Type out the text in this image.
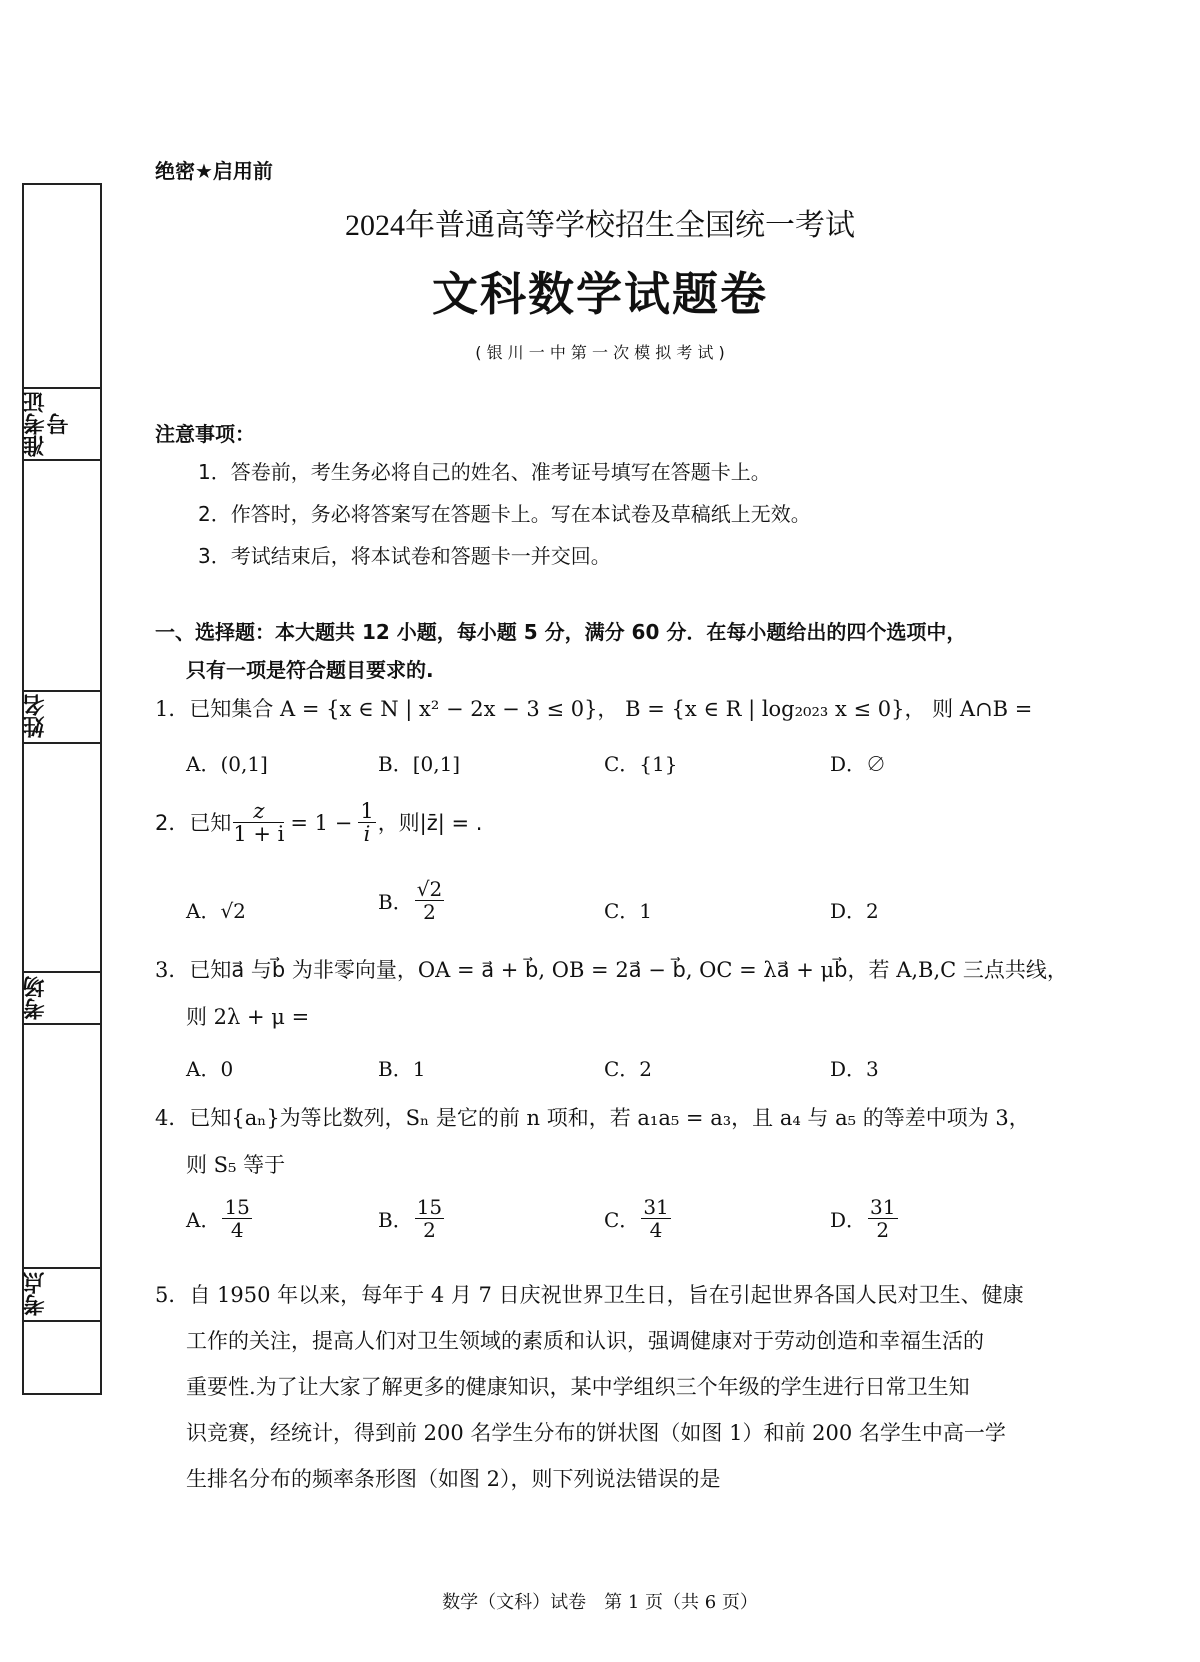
准考证号
姓名
考场
考点
绝密★启用前
2024年普通高等学校招生全国统一考试
文科数学试题卷
( 银 川 一 中 第 一 次 模 拟 考 试 )
注意事项：
1．答卷前，考生务必将自己的姓名、准考证号填写在答题卡上。
2．作答时，务必将答案写在答题卡上。写在本试卷及草稿纸上无效。
3．考试结束后，将本试卷和答题卡一并交回。
一、选择题：本大题共 12 小题，每小题 5 分，满分 60 分．在每小题给出的四个选项中，
只有一项是符合题目要求的.
1．已知集合 A = {x ∈ N | x² − 2x − 3 ≤ 0}， B = {x ∈ R | log₂₀₂₃ x ≤ 0}， 则 A∩B =
A．(0,1]	B．[0,1]	C．{1}	D．∅
2．已知 $\frac{z}{1 + i} = 1 - \frac{1}{i}$ ，则|z̄| = .
A．√2	B． $\frac{√2}{2}$	C．1	D．2
3．已知a⃗ 与b⃗ 为非零向量，OA = a⃗ + b⃗, OB = 2a⃗ − b⃗, OC = λa⃗ + μb⃗，若 A,B,C 三点共线，
则 2λ + μ =
A．0	B．1	C．2	D．3
4．已知{aₙ}为等比数列，Sₙ 是它的前 n 项和，若 a₁a₅ = a₃，且 a₄ 与 a₅ 的等差中项为 3，
则 S₅ 等于
A． $\frac{15}{4}$	B． $\frac{15}{2}$	C． $\frac{31}{4}$	D． $\frac{31}{2}$
5．自 1950 年以来，每年于 4 月 7 日庆祝世界卫生日，旨在引起世界各国人民对卫生、健康
工作的关注，提高人们对卫生领域的素质和认识，强调健康对于劳动创造和幸福生活的
重要性.为了让大家了解更多的健康知识，某中学组织三个年级的学生进行日常卫生知
识竞赛，经统计，得到前 200 名学生分布的饼状图（如图 1）和前 200 名学生中高一学
生排名分布的频率条形图（如图 2），则下列说法错误的是
数学（文科）试卷　第 1 页（共 6 页）
